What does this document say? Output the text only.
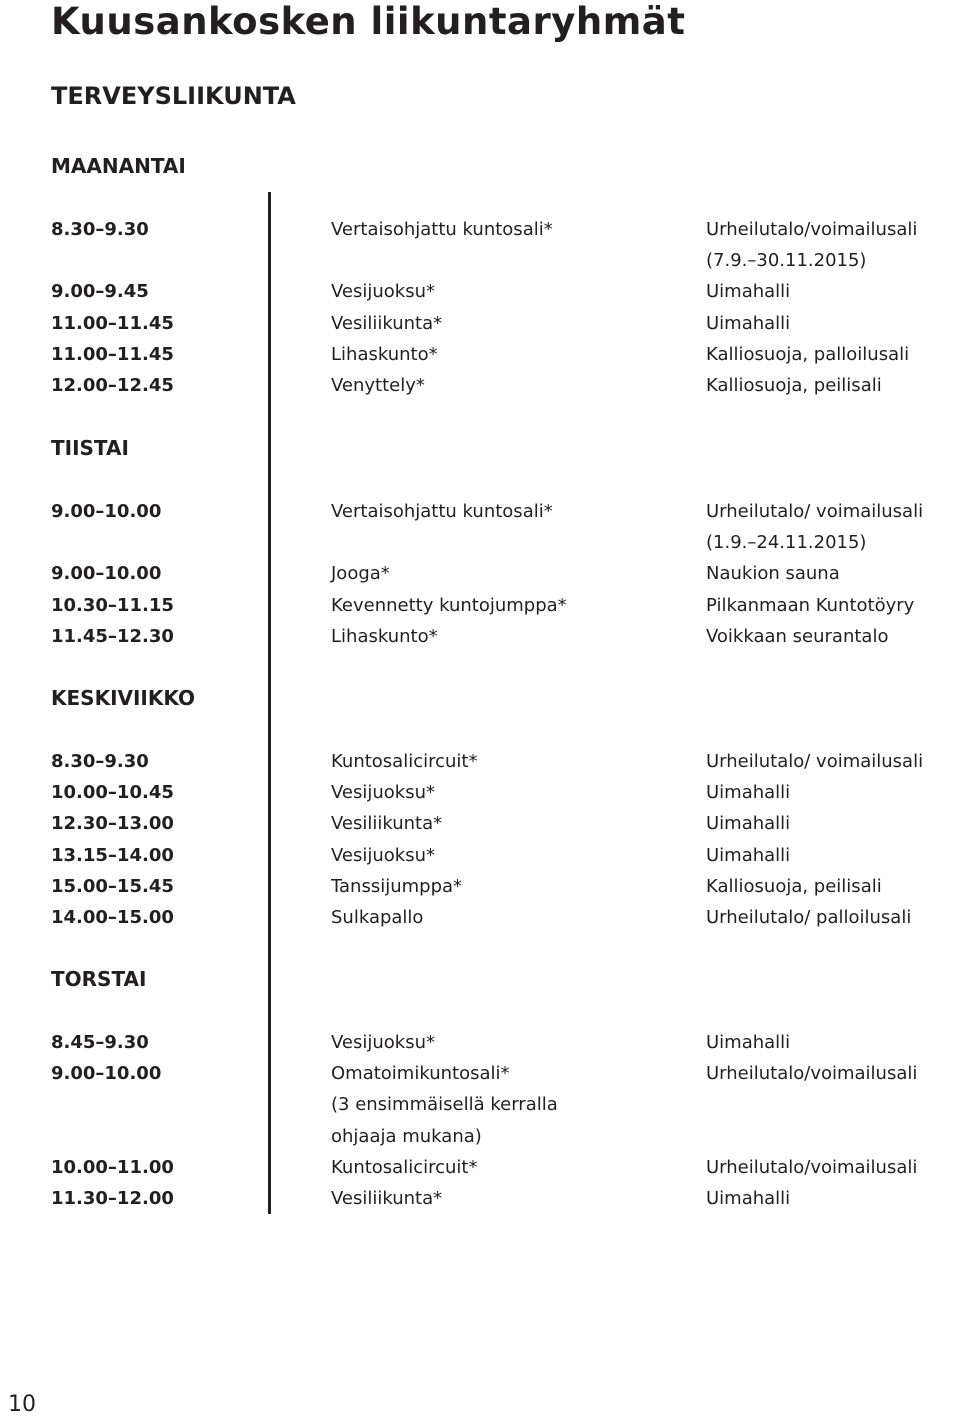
Kuusankosken liikuntaryhmät
TERVEYSLIIKUNTA
MAANANTAI
8.30–9.30	Vertaisohjattu kuntosali*	Urheilutalo/voimailusali
(7.9.–30.11.2015)
9.00–9.45	Vesijuoksu*	Uimahalli
11.00–11.45	Vesiliikunta*	Uimahalli
11.00–11.45	Lihaskunto*	Kalliosuoja, palloilusali
12.00–12.45	Venyttely*	Kalliosuoja, peilisali
TIISTAI
9.00–10.00	Vertaisohjattu kuntosali*	Urheilutalo/ voimailusali
(1.9.–24.11.2015)
9.00–10.00	Jooga*	Naukion sauna
10.30–11.15	Kevennetty kuntojumppa*	Pilkanmaan Kuntotöyry
11.45–12.30	Lihaskunto*	Voikkaan seurantalo
KESKIVIIKKO
8.30–9.30	Kuntosalicircuit*	Urheilutalo/ voimailusali
10.00–10.45	Vesijuoksu*	Uimahalli
12.30–13.00	Vesiliikunta*	Uimahalli
13.15–14.00	Vesijuoksu*	Uimahalli
15.00–15.45	Tanssijumppa*	Kalliosuoja, peilisali
14.00–15.00	Sulkapallo	Urheilutalo/ palloilusali
TORSTAI
8.45–9.30	Vesijuoksu*	Uimahalli
9.00–10.00	Omatoimikuntosali*	Urheilutalo/voimailusali
(3 ensimmäisellä kerralla
ohjaaja mukana)
10.00–11.00	Kuntosalicircuit*	Urheilutalo/voimailusali
11.30–12.00	Vesiliikunta*	Uimahalli
10
